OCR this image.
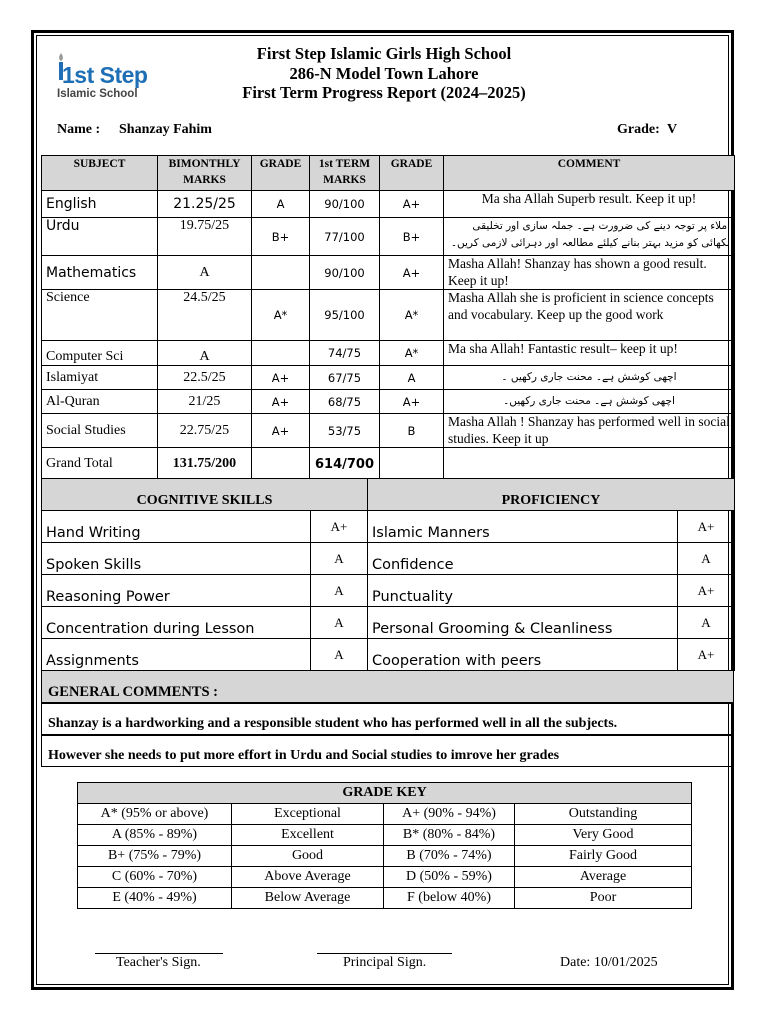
1st Step
Islamic School
First Step Islamic Girls High School
286-N Model Town Lahore
First Term Progress Report (2024–2025)
Name : Shanzay Fahim	Grade: V
SUBJECT	BIMONTHLY MARKS	GRADE	1st TERM MARKS	GRADE	COMMENT
English	21.25/25	A	90/100	A+	Ma sha Allah Superb result. Keep it up!
Urdu	19.75/25	B+	77/100	B+	املاء پر توجہ دینے کی ضرورت ہے۔ جملہ سازی اور تخلیقی لکھائی کو مزید بہتر بنانے کیلئے مطالعہ اور دہرائی لازمی کریں۔
Mathematics	A		90/100	A+	Masha Allah! Shanzay has shown a good result. Keep it up!
Science	24.5/25	A*	95/100	A*	Masha Allah she is proficient in science concepts and vocabulary. Keep up the good work
Computer Sci	A		74/75	A*	Ma sha Allah! Fantastic result– keep it up!
Islamiyat	22.5/25	A+	67/75	A	اچھی کوشش ہے۔ محنت جاری رکھیں ۔
Al-Quran	21/25	A+	68/75	A+	اچھی کوشش ہے۔ محنت جاری رکھیں۔
Social Studies	22.75/25	A+	53/75	B	Masha Allah ! Shanzay has performed well in social studies. Keep it up
Grand Total	131.75/200		614/700		
COGNITIVE SKILLS		PROFICIENCY	
Hand Writing	A+	Islamic Manners	A+
Spoken Skills	A	Confidence	A
Reasoning Power	A	Punctuality	A+
Concentration during Lesson	A	Personal Grooming & Cleanliness	A
Assignments	A	Cooperation with peers	A+
GENERAL COMMENTS :
Shanzay is a hardworking and a responsible student who has performed well in all the subjects.
However she needs to put more effort in Urdu and Social studies to imrove her grades
GRADE KEY			
A* (95% or above)	Exceptional	A+ (90% - 94%)	Outstanding
A (85% - 89%)	Excellent	B* (80% - 84%)	Very Good
B+ (75% - 79%)	Good	B (70% - 74%)	Fairly Good
C (60% - 70%)	Above Average	D (50% - 59%)	Average
E (40% - 49%)	Below Average	F (below 40%)	Poor
Teacher's Sign.	Principal Sign.	Date: 10/01/2025
